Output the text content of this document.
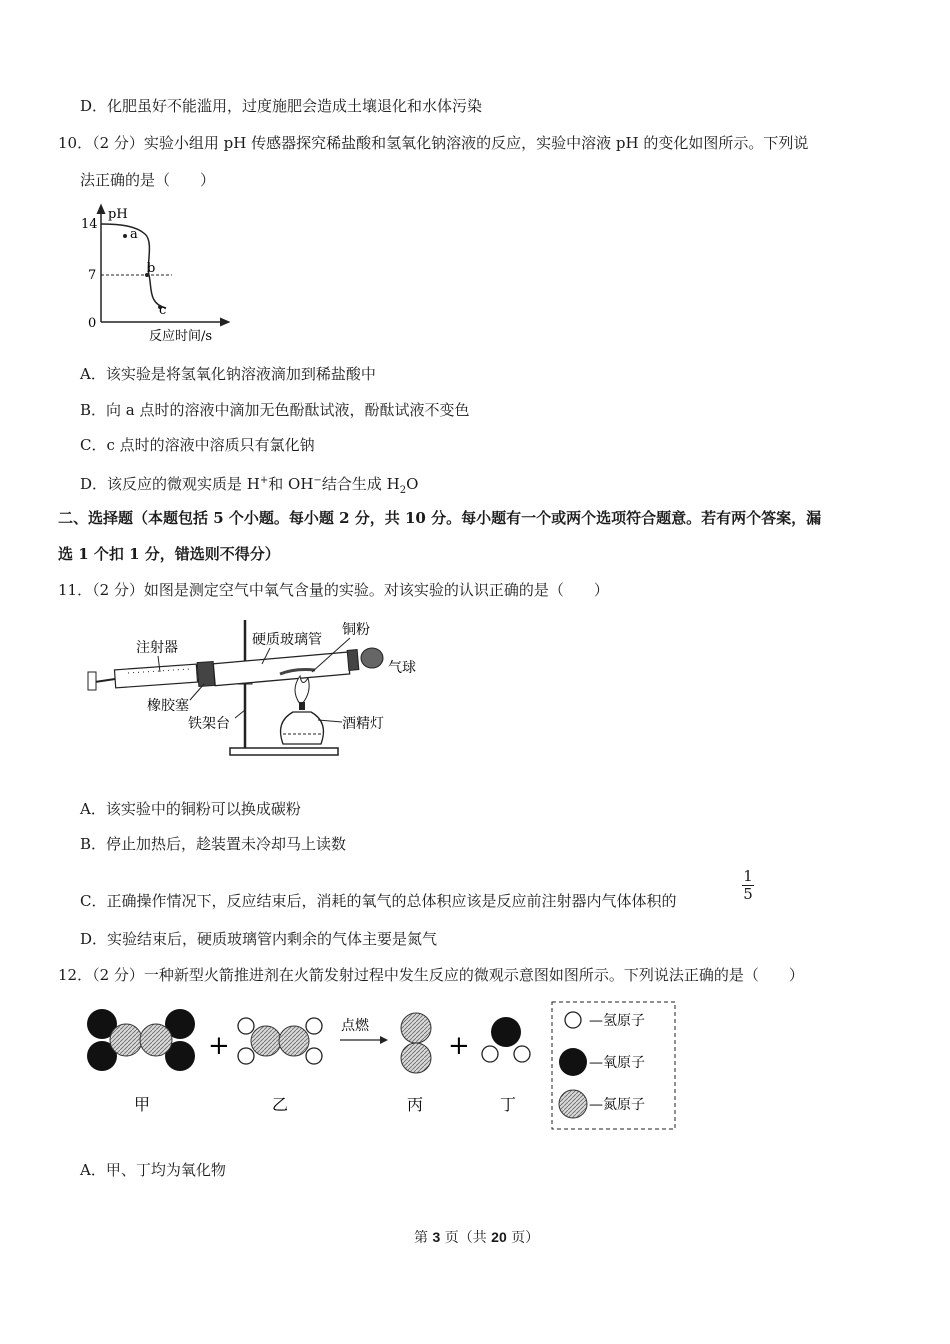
D．化肥虽好不能滥用，过度施肥会造成土壤退化和水体污染
10．（2 分）实验小组用 pH 传感器探究稀盐酸和氢氧化钠溶液的反应，实验中溶液 pH 的变化如图所示。下列说
法正确的是（　　）
pH
14
7
0
a
b
c
反应时间/s
A．该实验是将氢氧化钠溶液滴加到稀盐酸中
B．向 a 点时的溶液中滴加无色酚酞试液，酚酞试液不变色
C．c 点时的溶液中溶质只有氯化钠
D．该反应的微观实质是 H+和 OH−结合生成 $H_2O$
二、选择题（本题包括 5 个小题。每小题 2 分，共 10 分。每小题有一个或两个选项符合题意。若有两个答案，漏
选 1 个扣 1 分，错选则不得分）
11．（2 分）如图是测定空气中氧气含量的实验。对该实验的认识正确的是（　　）
注射器	硬质玻璃管
铜粉
气球
橡胶塞
铁架台	酒精灯
A．该实验中的铜粉可以换成碳粉
B．停止加热后，趁装置未冷却马上读数
C．正确操作情况下，反应结束后，消耗的氧气的总体积应该是反应前注射器内气体体积的
1
5
D．实验结束后，硬质玻璃管内剩余的气体主要是氮气
12．（2 分）一种新型火箭推进剂在火箭发射过程中发生反应的微观示意图如图所示。下列说法正确的是（　　）
甲
+
乙
点燃
丙
+
丁
—氢原子
—氧原子
—氮原子
A．甲、丁均为氧化物
第 3 页（共 20 页）
